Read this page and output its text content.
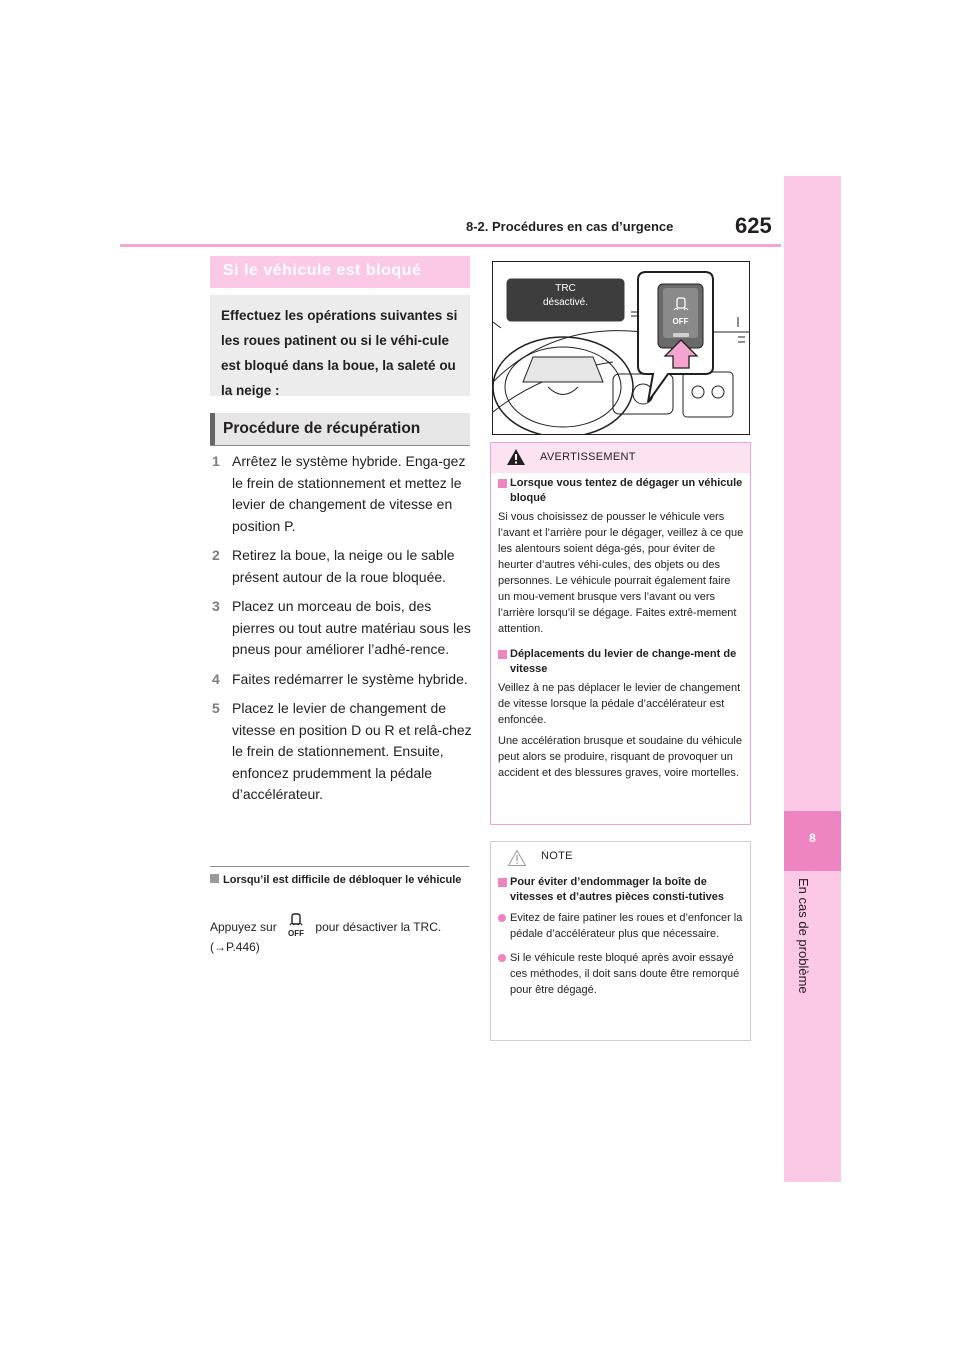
8-2. Procédures en cas d’urgence	625
8
En cas de problème
Si le véhicule est bloqué

Effectuez les opérations suivantes si les roues patinent ou si le véhi-cule est bloqué dans la boue, la saleté ou la neige :

Procédure de récupération
1 Arrêtez le système hybride. Enga-gez le frein de stationnement et mettez le levier de changement de vitesse en position P.
2 Retirez la boue, la neige ou le sable présent autour de la roue bloquée.
3 Placez un morceau de bois, des pierres ou tout autre matériau sous les pneus pour améliorer l’adhé-rence.
4 Faites redémarrer le système hybride.
5 Placez le levier de changement de vitesse en position D ou R et relâ-chez le frein de stationnement. Ensuite, enfoncez prudemment la pédale d’accélérateur.
Lorsqu’il est difficile de débloquer le véhicule
Appuyez sur OFF pour désactiver la TRC. (→P.446)
TRC
désactivé.
OFF
AVERTISSEMENT
Lorsque vous tentez de dégager un véhicule bloqué
Si vous choisissez de pousser le véhicule vers l’avant et l’arrière pour le dégager, veillez à ce que les alentours soient déga-gés, pour éviter de heurter d’autres véhi-cules, des objets ou des personnes. Le véhicule pourrait également faire un mou-vement brusque vers l’avant ou vers l’arrière lorsqu’il se dégage. Faites extrê-mement attention.
Déplacements du levier de change-ment de vitesse
Veillez à ne pas déplacer le levier de changement de vitesse lorsque la pédale d’accélérateur est enfoncée.
Une accélération brusque et soudaine du véhicule peut alors se produire, risquant de provoquer un accident et des blessures graves, voire mortelles.
NOTE
Pour éviter d’endommager la boîte de vitesses et d’autres pièces consti-tutives
Evitez de faire patiner les roues et d’enfoncer la pédale d’accélérateur plus que nécessaire.
Si le véhicule reste bloqué après avoir essayé ces méthodes, il doit sans doute être remorqué pour être dégagé.
